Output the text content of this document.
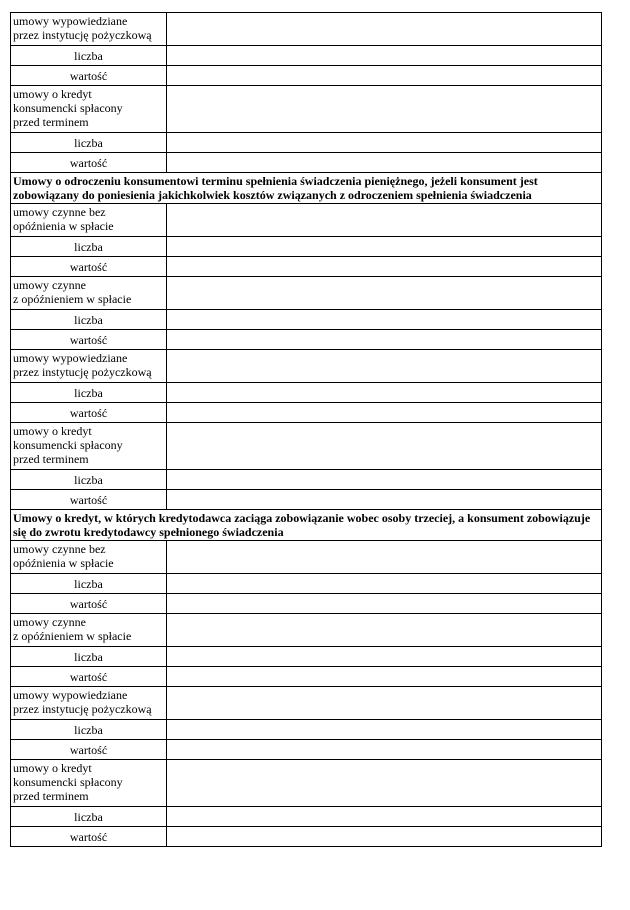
umowy wypowiedziane
przez instytucję pożyczkową	
liczba	
wartość	
umowy o kredyt
konsumencki spłacony
przed terminem	
liczba	
wartość	
Umowy o odroczeniu konsumentowi terminu spełnienia świadczenia pieniężnego, jeżeli konsument jest zobowiązany do poniesienia jakichkolwiek kosztów związanych z odroczeniem spełnienia świadczenia	
umowy czynne bez
opóźnienia w spłacie	
liczba	
wartość	
umowy czynne
z opóźnieniem w spłacie	
liczba	
wartość	
umowy wypowiedziane
przez instytucję pożyczkową	
liczba	
wartość	
umowy o kredyt
konsumencki spłacony
przed terminem	
liczba	
wartość	
Umowy o kredyt, w których kredytodawca zaciąga zobowiązanie wobec osoby trzeciej, a konsument zobowiązuje się do zwrotu kredytodawcy spełnionego świadczenia	
umowy czynne bez
opóźnienia w spłacie	
liczba	
wartość	
umowy czynne
z opóźnieniem w spłacie	
liczba	
wartość	
umowy wypowiedziane
przez instytucję pożyczkową	
liczba	
wartość	
umowy o kredyt
konsumencki spłacony
przed terminem	
liczba	
wartość	
